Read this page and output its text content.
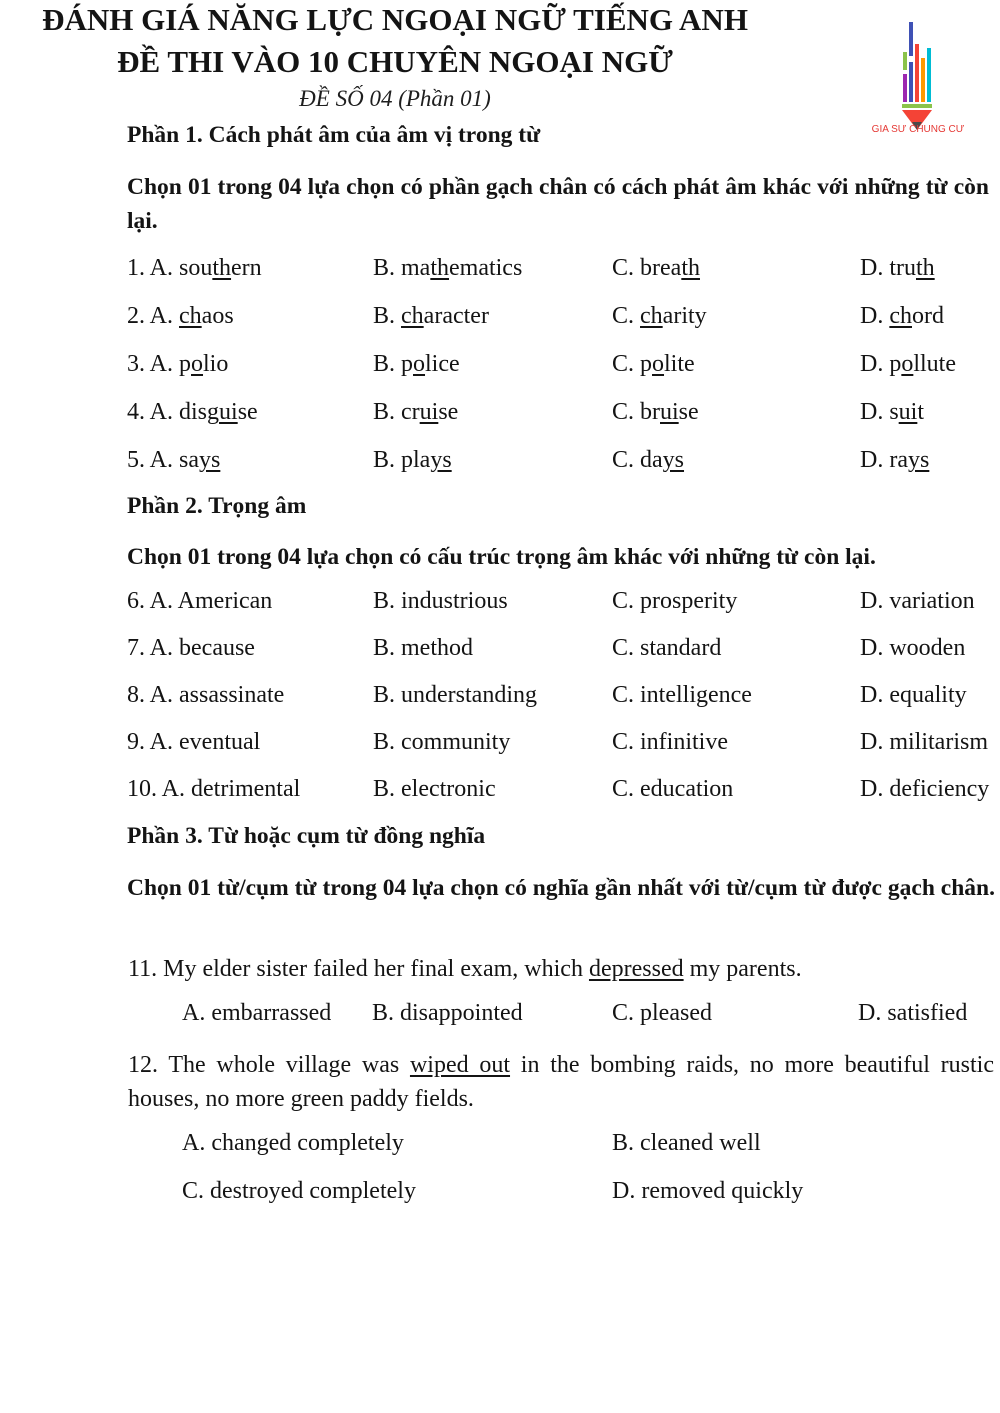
ĐÁNH GIÁ NĂNG LỰC NGOẠI NGỮ TIẾNG ANH
ĐỀ THI VÀO 10 CHUYÊN NGOẠI NGỮ
ĐỀ SỐ 04 (Phần 01)
GIA SƯ CHUNG CƯ
Phần 1. Cách phát âm của âm vị trong từ
Chọn 01 trong 04 lựa chọn có phần gạch chân có cách phát âm khác với những từ còn lại.
1. A. southern	B. mathematics	C. breath	D. truth
2. A. chaos	B. character	C. charity	D. chord
3. A. polio	B. police	C. polite	D. pollute
4. A. disguise	B. cruise	C. bruise	D. suit
5. A. says	B. plays	C. days	D. rays
Phần 2. Trọng âm
Chọn 01 trong 04 lựa chọn có cấu trúc trọng âm khác với những từ còn lại.
6. A. American	B. industrious	C. prosperity	D. variation
7. A. because	B. method	C. standard	D. wooden
8. A. assassinate	B. understanding	C. intelligence	D. equality
9. A. eventual	B. community	C. infinitive	D. militarism
10. A. detrimental	B. electronic	C. education	D. deficiency
Phần 3. Từ hoặc cụm từ đồng nghĩa
Chọn 01 từ/cụm từ trong 04 lựa chọn có nghĩa gần nhất với từ/cụm từ được gạch chân.
11. My elder sister failed her final exam, which depressed my parents.
A. embarrassed B. disappointed	C. pleased	D. satisfied
12. The whole village was wiped out in the bombing raids, no more beautiful rustic houses, no more green paddy fields.
A. changed completely	B. cleaned well
C. destroyed completely	D. removed quickly
